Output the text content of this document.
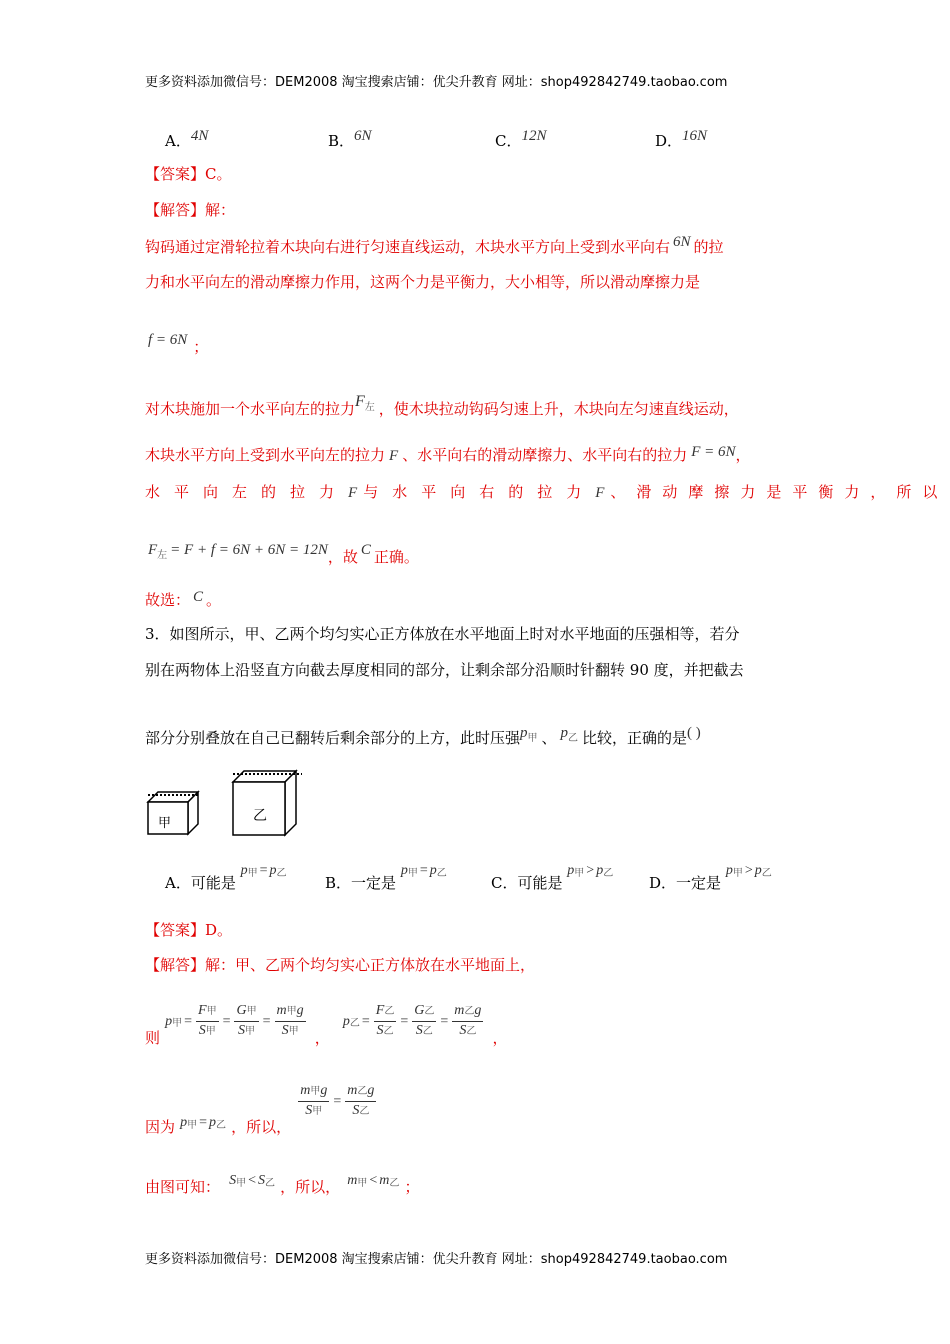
更多资料添加微信号：DEM2008 淘宝搜索店铺：优尖升教育 网址：shop492842749.taobao.com
A．4N	B．6N	C．12N	D．16N
【答案】C。
【解答】解：
钩码通过定滑轮拉着木块向右进行匀速直线运动，木块水平方向上受到水平向右 6N 的拉
力和水平向左的滑动摩擦力作用，这两个力是平衡力，大小相等，所以滑动摩擦力是
f = 6N ；
对木块施加一个水平向左的拉力$F^左$ ，使木块拉动钩码匀速上升，木块向左匀速直线运动，
木块水平方向上受到水平向左的拉力 F 、水平向右的滑动摩擦力、水平向右的拉力 F = 6N，
水平向左的拉力F 与水平向右的拉力F 、滑动摩擦力是平衡力，所以
$F_左 = F + f = 6N + 6N = 12N$，故 C 正确。
故选： C 。
3．如图所示，甲、乙两个均匀实心正方体放在水平地面上时对水平地面的压强相等，若分
别在两物体上沿竖直方向截去厚度相同的部分，让剩余部分沿顺时针翻转 90 度，并把截去
部分分别叠放在自己已翻转后剩余部分的上方，此时压强p甲 、 p乙 比较，正确的是( )
甲	乙
A．可能是
p 甲 = p 乙
B．一定是
p 甲 = p 乙
C．可能是
p 甲 > p 乙
D．一定是
p 甲 > p 乙
【答案】D。
【解答】解：甲、乙两个均匀实心正方体放在水平地面上，
则
p 甲 = $\frac{\text{F甲}}{\text{S甲}} = \frac{\text{G甲}}{\text{S甲}} = \frac{\text{m甲g}}{\text{S甲}}$ ，
p 乙 = $\frac{\text{F乙}}{\text{S乙}} = \frac{\text{G乙}}{\text{S乙}} = \frac{\text{m乙g}}{\text{S乙}}$ ，
因为 p 甲 = p 乙 ，所以，
$\frac{\text{m甲g}}{\text{S甲}} = \frac{\text{m乙g}}{\text{S乙}}$
由图可知： S 甲 < S 乙 ，所以， m 甲 < m 乙 ；
更多资料添加微信号：DEM2008 淘宝搜索店铺：优尖升教育 网址：shop492842749.taobao.com
